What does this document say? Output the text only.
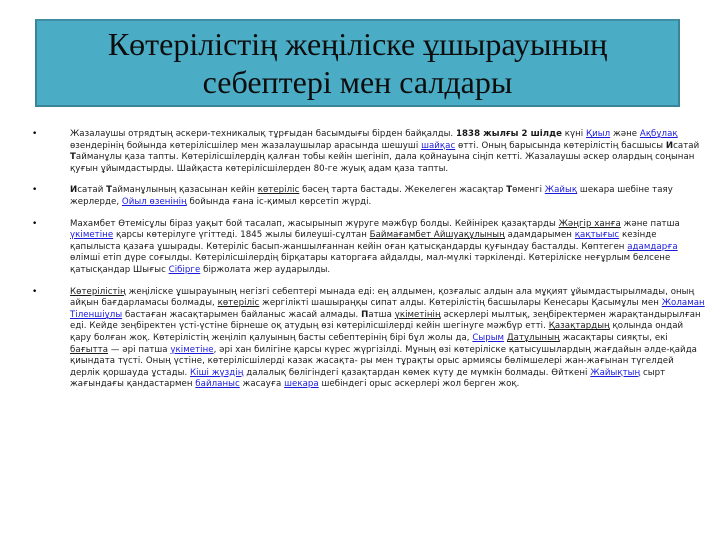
Көтерілістің жеңіліске ұшырауының
себептері мен салдары
•	Жазалаушы отрядтың әскери-техникалық тұрғыдан басымдығы бірден байқалды. 1838 жылғы 2 шілде күні Қиыл және Ақбұлақ өзендерінің бойында көтерілісшілер мен жазалаушылар арасында шешуші шайқас өтті. Оның барысында көтерілістің басшысы Исатай Тайманұлы қаза тапты. Көтерілісшілердің қалған тобы кейін шегініп, дала қойнауына сіңіп кетті. Жазалаушы әскер олардың соңынан қуғын ұйымдастырды. Шайқаста көтерілісшілерден 80-ге жуық адам қаза тапты.
•	Исатай Тайманұлының қазасынан кейін көтеріліс бәсең тарта бастады. Жекелеген жасақтар Төменгі Жайық шекара шебіне таяу жерлерде, Ойыл өзенінің бойында ғана іс-қимыл көрсетіп жүрді.
•	Махамбет Өтемісұлы біраз уақыт бой тасалап, жасырынып жүруге мәжбүр болды. Кейінірек қазақтарды Жәңгір ханға және патша үкіметіне қарсы көтерілуге үгіттеді. 1845 жылы билеуші-сұлтан Баймағамбет Айшуақұлының адамдарымен қақтығыс кезінде қапылыста қазаға ұшырады. Көтеріліс басып-жаншылғаннан кейін оған қатысқандарды қуғындау басталды. Көптеген адамдарға өлімші етіп дүре соғылды. Көтерілісшілердің бірқатары каторгаға айдалды, мал-мүлкі тәркіленді. Көтеріліске неғұрлым белсене қатысқандар Шығыс Сібірге біржолата жер аударылды.
•	Көтерілістің жеңіліске ұшырауының негізгі себептері мынада еді: ең алдымен, қозғалыс алдын ала мұқият ұйымдастырылмады, оның айқын бағдарламасы болмады, көтеріліс жергілікті шашыраңқы сипат алды. Көтерілістің басшылары Кенесары Қасымұлы мен Жоламан Тіленшіұлы бастаған жасақтарымен байланыс жасай алмады. Патша үкіметінің әскерлері мылтық, зеңбіректермен жарақтандырылған еді. Кейде зеңбіректен үсті-үстіне бірнеше оқ атудың өзі көтерілісшілерді кейін шегінуге мәжбүр етті. Қазақтардың қолында ондай қару болған жоқ. Көтерілістің жеңіліп қалуының басты себептерінің бірі бұл жолы да, Сырым Датұлының жасақтары сияқты, екі бағытта — әрі патша үкіметіне, әрі хан билігіне қарсы күрес жүргізілді. Мұның өзі көтеріліске қатысушылардың жағдайын әлде-қайда қиындата түсті. Оның үстіне, көтерілісшілерді казак жасақта- ры мен тұрақты орыс армиясы бөлімшелері жан-жағынан түгелдей дерлік қоршауда ұстады. Кіші жүздің далалық бөлігіндегі қазақтардан көмек күту де мүмкін болмады. Өйткені Жайықтың сырт жағындағы қандастармен байланыс жасауға шекара шебіндегі орыс әскерлері жол берген жоқ.
